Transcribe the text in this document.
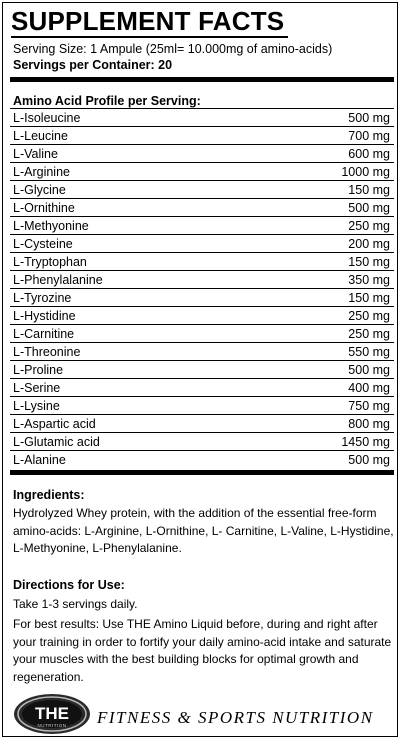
SUPPLEMENT FACTS
Serving Size: 1 Ampule (25ml= 10.000mg of amino-acids)
Servings per Container: 20
Amino Acid Profile per Serving:
L-Isoleucine	500 mg
L-Leucine	700 mg
L-Valine	600 mg
L-Arginine	1000 mg
L-Glycine	150 mg
L-Ornithine	500 mg
L-Methyonine	250 mg
L-Cysteine	200 mg
L-Tryptophan	150 mg
L-Phenylalanine	350 mg
L-Tyrozine	150 mg
L-Hystidine	250 mg
L-Carnitine	250 mg
L-Threonine	550 mg
L-Proline	500 mg
L-Serine	400 mg
L-Lysine	750 mg
L-Aspartic acid	800 mg
L-Glutamic acid	1450 mg
L-Alanine	500 mg
Ingredients:
Hydrolyzed Whey protein, with the addition of the essential free-form amino-acids: L-Arginine, L-Ornithine, L- Carnitine, L-Valine, L-Hystidine, L-Methyonine, L-Phenylalanine.
Directions for Use:
Take 1-3 servings daily.
For best results: Use THE Amino Liquid before, during and right after your training in order to fortify your daily amino-acid intake and saturate your muscles with the best building blocks for optimal growth and regeneration.
THE
NUTRITION FITNESS & SPORTS NUTRITION
